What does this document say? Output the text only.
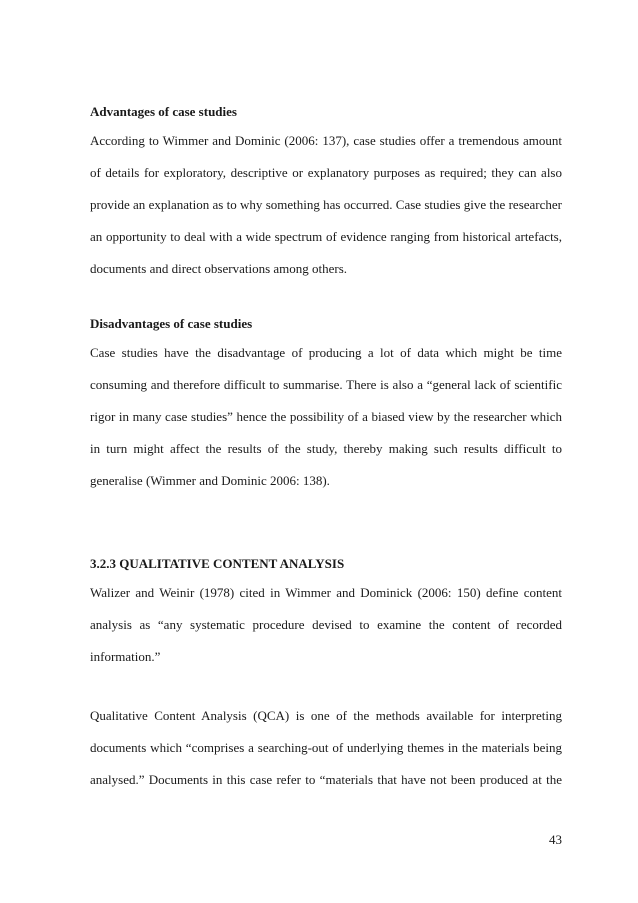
Advantages of case studies
According to Wimmer and Dominic (2006: 137), case studies offer a tremendous amount
of details for exploratory, descriptive or explanatory purposes as required; they can also
provide an explanation as to why something has occurred. Case studies give the researcher
an opportunity to deal with a wide spectrum of evidence ranging from historical artefacts,
documents and direct observations among others.
Disadvantages of case studies
Case studies have the disadvantage of producing a lot of data which might be time
consuming and therefore difficult to summarise. There is also a “general lack of scientific
rigor in many case studies” hence the possibility of a biased view by the researcher which
in turn might affect the results of the study, thereby making such results difficult to
generalise (Wimmer and Dominic 2006: 138).
3.2.3 QUALITATIVE CONTENT ANALYSIS
Walizer and Weinir (1978) cited in Wimmer and Dominick (2006: 150) define content
analysis as “any systematic procedure devised to examine the content of recorded
information.”
Qualitative Content Analysis (QCA) is one of the methods available for interpreting
documents which “comprises a searching-out of underlying themes in the materials being
analysed.” Documents in this case refer to “materials that have not been produced at the
43
